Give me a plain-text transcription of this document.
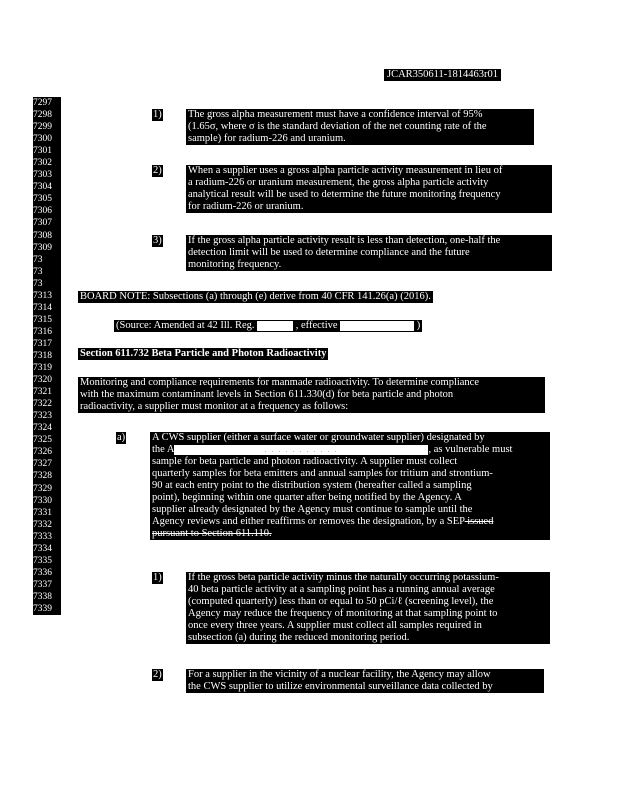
JCAR350611-1814463r01
7297
7298
7299
7300
7301
7302
7303
7304
7305
7306
7307
7308
7309
73
73
73
7313
7314
7315
7316
7317
7318
7319
7320
7321
7322
7323
7324
7325
7326
7327
7328
7329
7330
7331
7332
7333
7334
7335
7336
7337
7338
7339
1)	The gross alpha measurement must have a confidence interval of 95%
(1.65σ, where σ is the standard deviation of the net counting rate of the
sample) for radium-226 and uranium.
2)	When a supplier uses a gross alpha particle activity measurement in lieu of
a radium-226 or uranium measurement, the gross alpha particle activity
analytical result will be used to determine the future monitoring frequency
for radium-226 or uranium.
3)	If the gross alpha particle activity result is less than detection, one-half the
detection limit will be used to determine compliance and the future
monitoring frequency.
BOARD NOTE: Subsections (a) through (e) derive from 40 CFR 141.26(a) (2016).
(Source: Amended at 42 Ill. Reg.	, effective	)
Section 611.732 Beta Particle and Photon Radioactivity
Monitoring and compliance requirements for manmade radioactivity. To determine compliance
with the maximum contaminant levels in Section 611.330(d) for beta particle and photon
radioactivity, a supplier must monitor at a frequency as follows:
a)	A CWS supplier (either a surface water or groundwater supplier) designated by
the A	. . . . . . . . . . .	, as vulnerable must
sample for beta particle and photon radioactivity. A supplier must collect
quarterly samples for beta emitters and annual samples for tritium and strontium-
90 at each entry point to the distribution system (hereafter called a sampling
point), beginning within one quarter after being notified by the Agency. A
supplier already designated by the Agency must continue to sample until the
Agency reviews and either reaffirms or removes the designation, by a SEP issued
pursuant to Section 611.110.
1)	If the gross beta particle activity minus the naturally occurring potassium-
40 beta particle activity at a sampling point has a running annual average
(computed quarterly) less than or equal to 50 pCi/ℓ (screening level), the
Agency may reduce the frequency of monitoring at that sampling point to
once every three years. A supplier must collect all samples required in
subsection (a) during the reduced monitoring period.
2)	For a supplier in the vicinity of a nuclear facility, the Agency may allow
the CWS supplier to utilize environmental surveillance data collected by
